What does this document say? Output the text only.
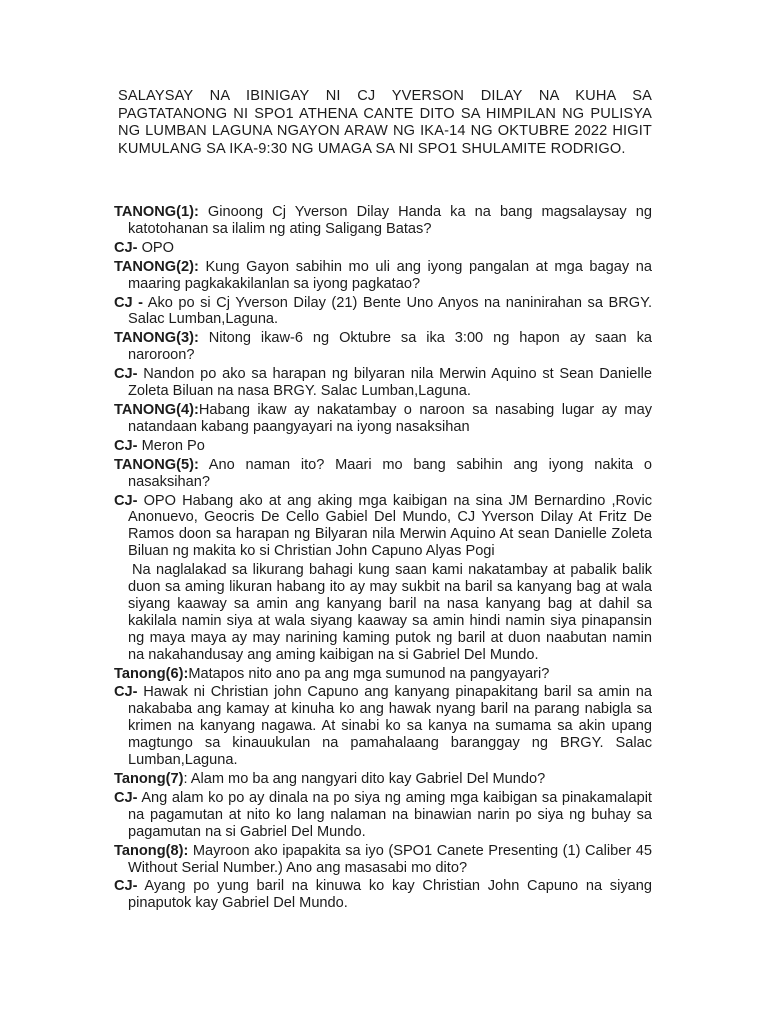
SALAYSAY NA IBINIGAY NI CJ YVERSON DILAY NA KUHA SA PAGTATANONG NI SPO1 ATHENA CANTE DITO SA HIMPILAN NG PULISYA NG LUMBAN LAGUNA NGAYON ARAW NG IKA-14 NG OKTUBRE 2022 HIGIT KUMULANG SA IKA-9:30 NG UMAGA SA NI SPO1 SHULAMITE RODRIGO.
TANONG(1): Ginoong Cj Yverson Dilay Handa ka na bang magsalaysay ng katotohanan sa ilalim ng ating Saligang Batas?
CJ- OPO
TANONG(2): Kung Gayon sabihin mo uli ang iyong pangalan at mga bagay na maaring pagkakakilanlan sa iyong pagkatao?
CJ - Ako po si Cj Yverson Dilay (21) Bente Uno Anyos na naninirahan sa BRGY. Salac Lumban,Laguna.
TANONG(3): Nitong ikaw-6 ng Oktubre sa ika 3:00 ng hapon ay saan ka naroroon?
CJ- Nandon po ako sa harapan ng bilyaran nila Merwin Aquino st Sean Danielle Zoleta Biluan na nasa BRGY. Salac Lumban,Laguna.
TANONG(4):Habang ikaw ay nakatambay o naroon sa nasabing lugar ay may natandaan kabang paangyayari na iyong nasaksihan
CJ- Meron Po
TANONG(5): Ano naman ito? Maari mo bang sabihin ang iyong nakita o nasaksihan?
CJ- OPO Habang ako at ang aking mga kaibigan na sina JM Bernardino ,Rovic Anonuevo, Geocris De Cello Gabiel Del Mundo, CJ Yverson Dilay At Fritz De Ramos doon sa harapan ng Bilyaran nila Merwin Aquino At sean Danielle Zoleta Biluan ng makita ko si Christian John Capuno Alyas Pogi
Na naglalakad sa likurang bahagi kung saan kami nakatambay at pabalik balik duon sa aming likuran habang ito ay may sukbit na baril sa kanyang bag at wala siyang kaaway sa amin ang kanyang baril na nasa kanyang bag at dahil sa kakilala namin siya at wala siyang kaaway sa amin hindi namin siya pinapansin ng maya maya ay may narining kaming putok ng baril at duon naabutan namin na nakahandusay ang aming kaibigan na si Gabriel Del Mundo.
Tanong(6):Matapos nito ano pa ang mga sumunod na pangyayari?
CJ- Hawak ni Christian john Capuno ang kanyang pinapakitang baril sa amin na nakababa ang kamay at kinuha ko ang hawak nyang baril na parang nabigla sa krimen na kanyang nagawa. At sinabi ko sa kanya na sumama sa akin upang magtungo sa kinauukulan na pamahalaang baranggay ng BRGY. Salac Lumban,Laguna.
Tanong(7): Alam mo ba ang nangyari dito kay Gabriel Del Mundo?
CJ- Ang alam ko po ay dinala na po siya ng aming mga kaibigan sa pinakamalapit na pagamutan at nito ko lang nalaman na binawian narin po siya ng buhay sa pagamutan na si Gabriel Del Mundo.
Tanong(8): Mayroon ako ipapakita sa iyo (SPO1 Canete Presenting (1) Caliber 45 Without Serial Number.) Ano ang masasabi mo dito?
CJ- Ayang po yung baril na kinuwa ko kay Christian John Capuno na siyang pinaputok kay Gabriel Del Mundo.
